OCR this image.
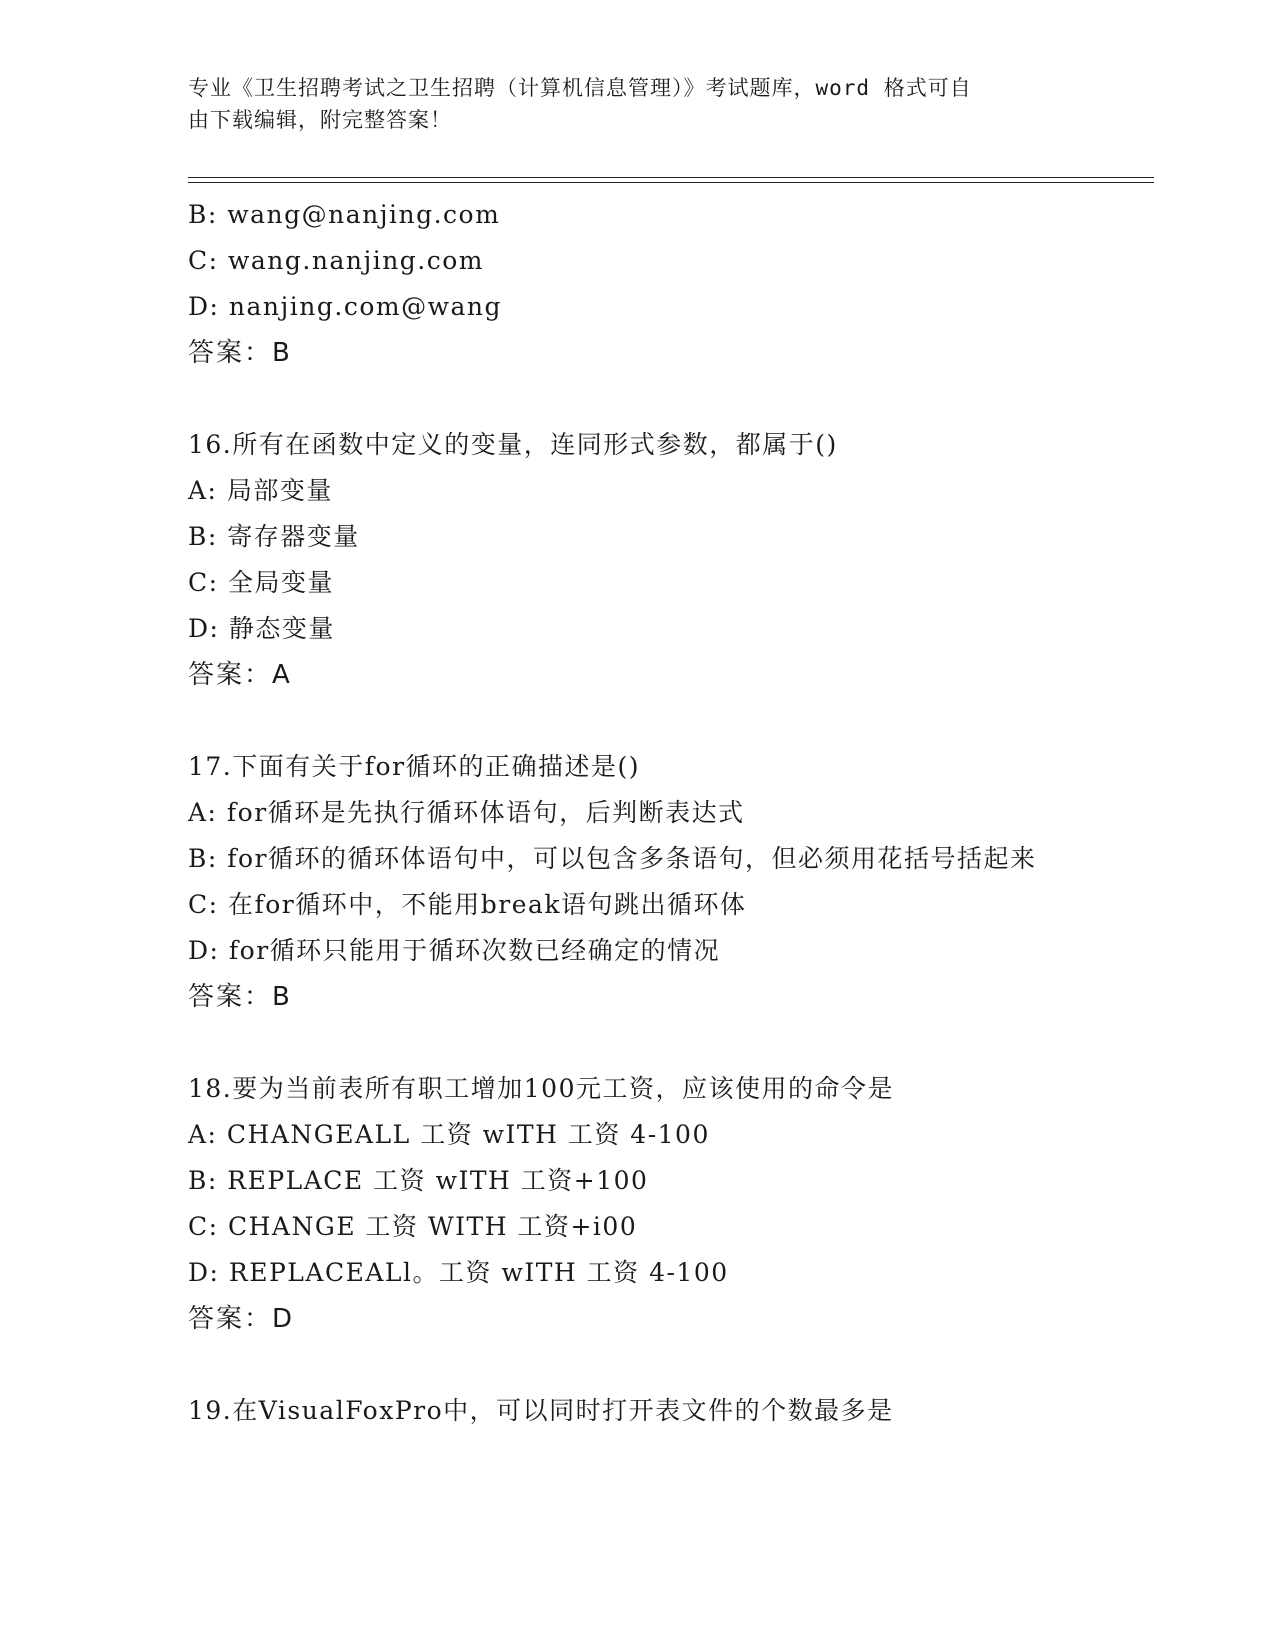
专业《卫生招聘考试之卫生招聘（计算机信息管理）》考试题库，word 格式可自
由下载编辑，附完整答案！
B: wang@nanjing.com
C: wang.nanjing.com
D: nanjing.com@wang
答案：B
16.所有在函数中定义的变量，连同形式参数，都属于()
A: 局部变量
B: 寄存器变量
C: 全局变量
D: 静态变量
答案：A
17.下面有关于for循环的正确描述是()
A: for循环是先执行循环体语句，后判断表达式
B: for循环的循环体语句中，可以包含多条语句，但必须用花括号括起来
C: 在for循环中，不能用break语句跳出循环体
D: for循环只能用于循环次数已经确定的情况
答案：B
18.要为当前表所有职工增加100元工资，应该使用的命令是
A: CHANGEALL 工资 wITH 工资 4-100
B: REPLACE 工资 wITH 工资+100
C: CHANGE 工资 WITH 工资+i00
D: REPLACEALl。工资 wITH 工资 4-100
答案：D
19.在VisualFoxPro中，可以同时打开表文件的个数最多是
